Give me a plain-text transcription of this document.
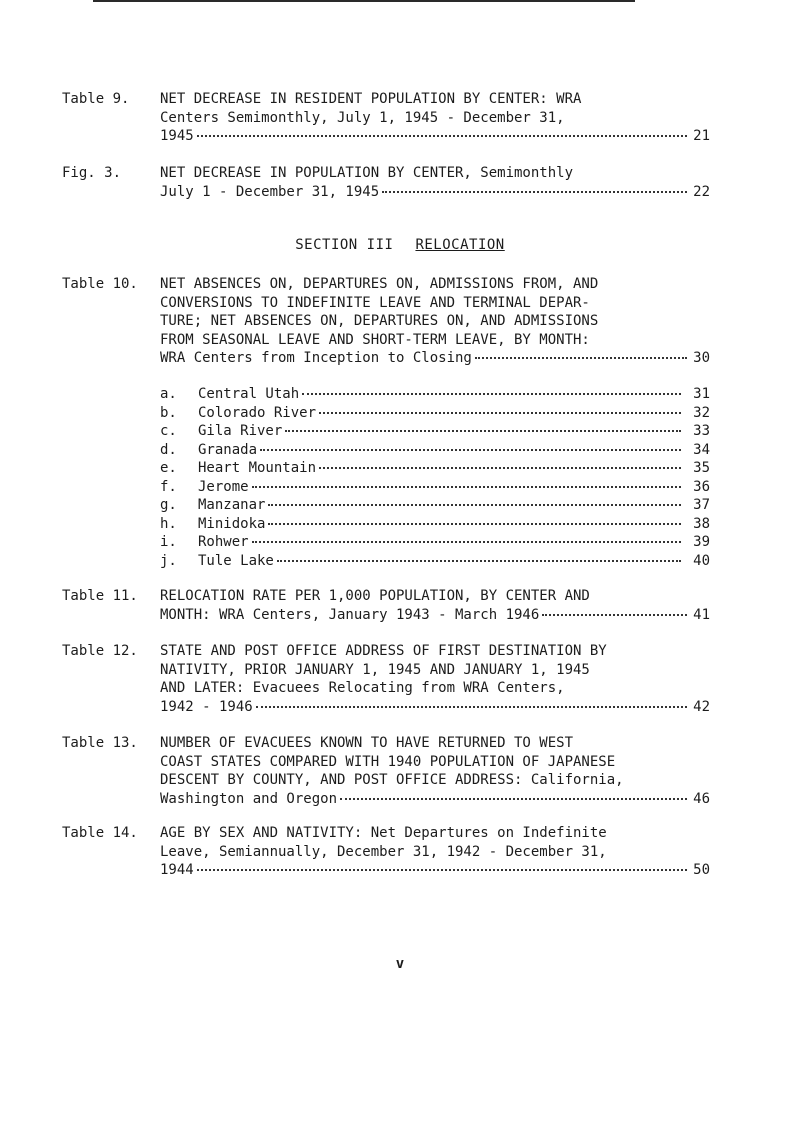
Table 9. NET DECREASE IN RESIDENT POPULATION BY CENTER: WRA
Centers Semimonthly, July 1, 1945 - December 31,
1945	21
Fig. 3.	NET DECREASE IN POPULATION BY CENTER, Semimonthly
July 1 - December 31, 1945	22
SECTION III RELOCATION
Table 10. NET ABSENCES ON, DEPARTURES ON, ADMISSIONS FROM, AND
CONVERSIONS TO INDEFINITE LEAVE AND TERMINAL DEPAR-
TURE; NET ABSENCES ON, DEPARTURES ON, AND ADMISSIONS
FROM SEASONAL LEAVE AND SHORT-TERM LEAVE, BY MONTH:
WRA Centers from Inception to Closing	30
a.	Central Utah	31
b.	Colorado River	32
c.	Gila River	33
d.	Granada	34
e.	Heart Mountain	35
f.	Jerome	36
g.	Manzanar	37
h.	Minidoka	38
i.	Rohwer	39
j.	Tule Lake	40
Table 11. RELOCATION RATE PER 1,000 POPULATION, BY CENTER AND
MONTH: WRA Centers, January 1943 - March 1946	41
Table 12. STATE AND POST OFFICE ADDRESS OF FIRST DESTINATION BY
NATIVITY, PRIOR JANUARY 1, 1945 AND JANUARY 1, 1945
AND LATER: Evacuees Relocating from WRA Centers,
1942 - 1946	42
Table 13. NUMBER OF EVACUEES KNOWN TO HAVE RETURNED TO WEST
COAST STATES COMPARED WITH 1940 POPULATION OF JAPANESE
DESCENT BY COUNTY, AND POST OFFICE ADDRESS: California,
Washington and Oregon	46
Table 14. AGE BY SEX AND NATIVITY: Net Departures on Indefinite
Leave, Semiannually, December 31, 1942 - December 31,
1944	50
v
